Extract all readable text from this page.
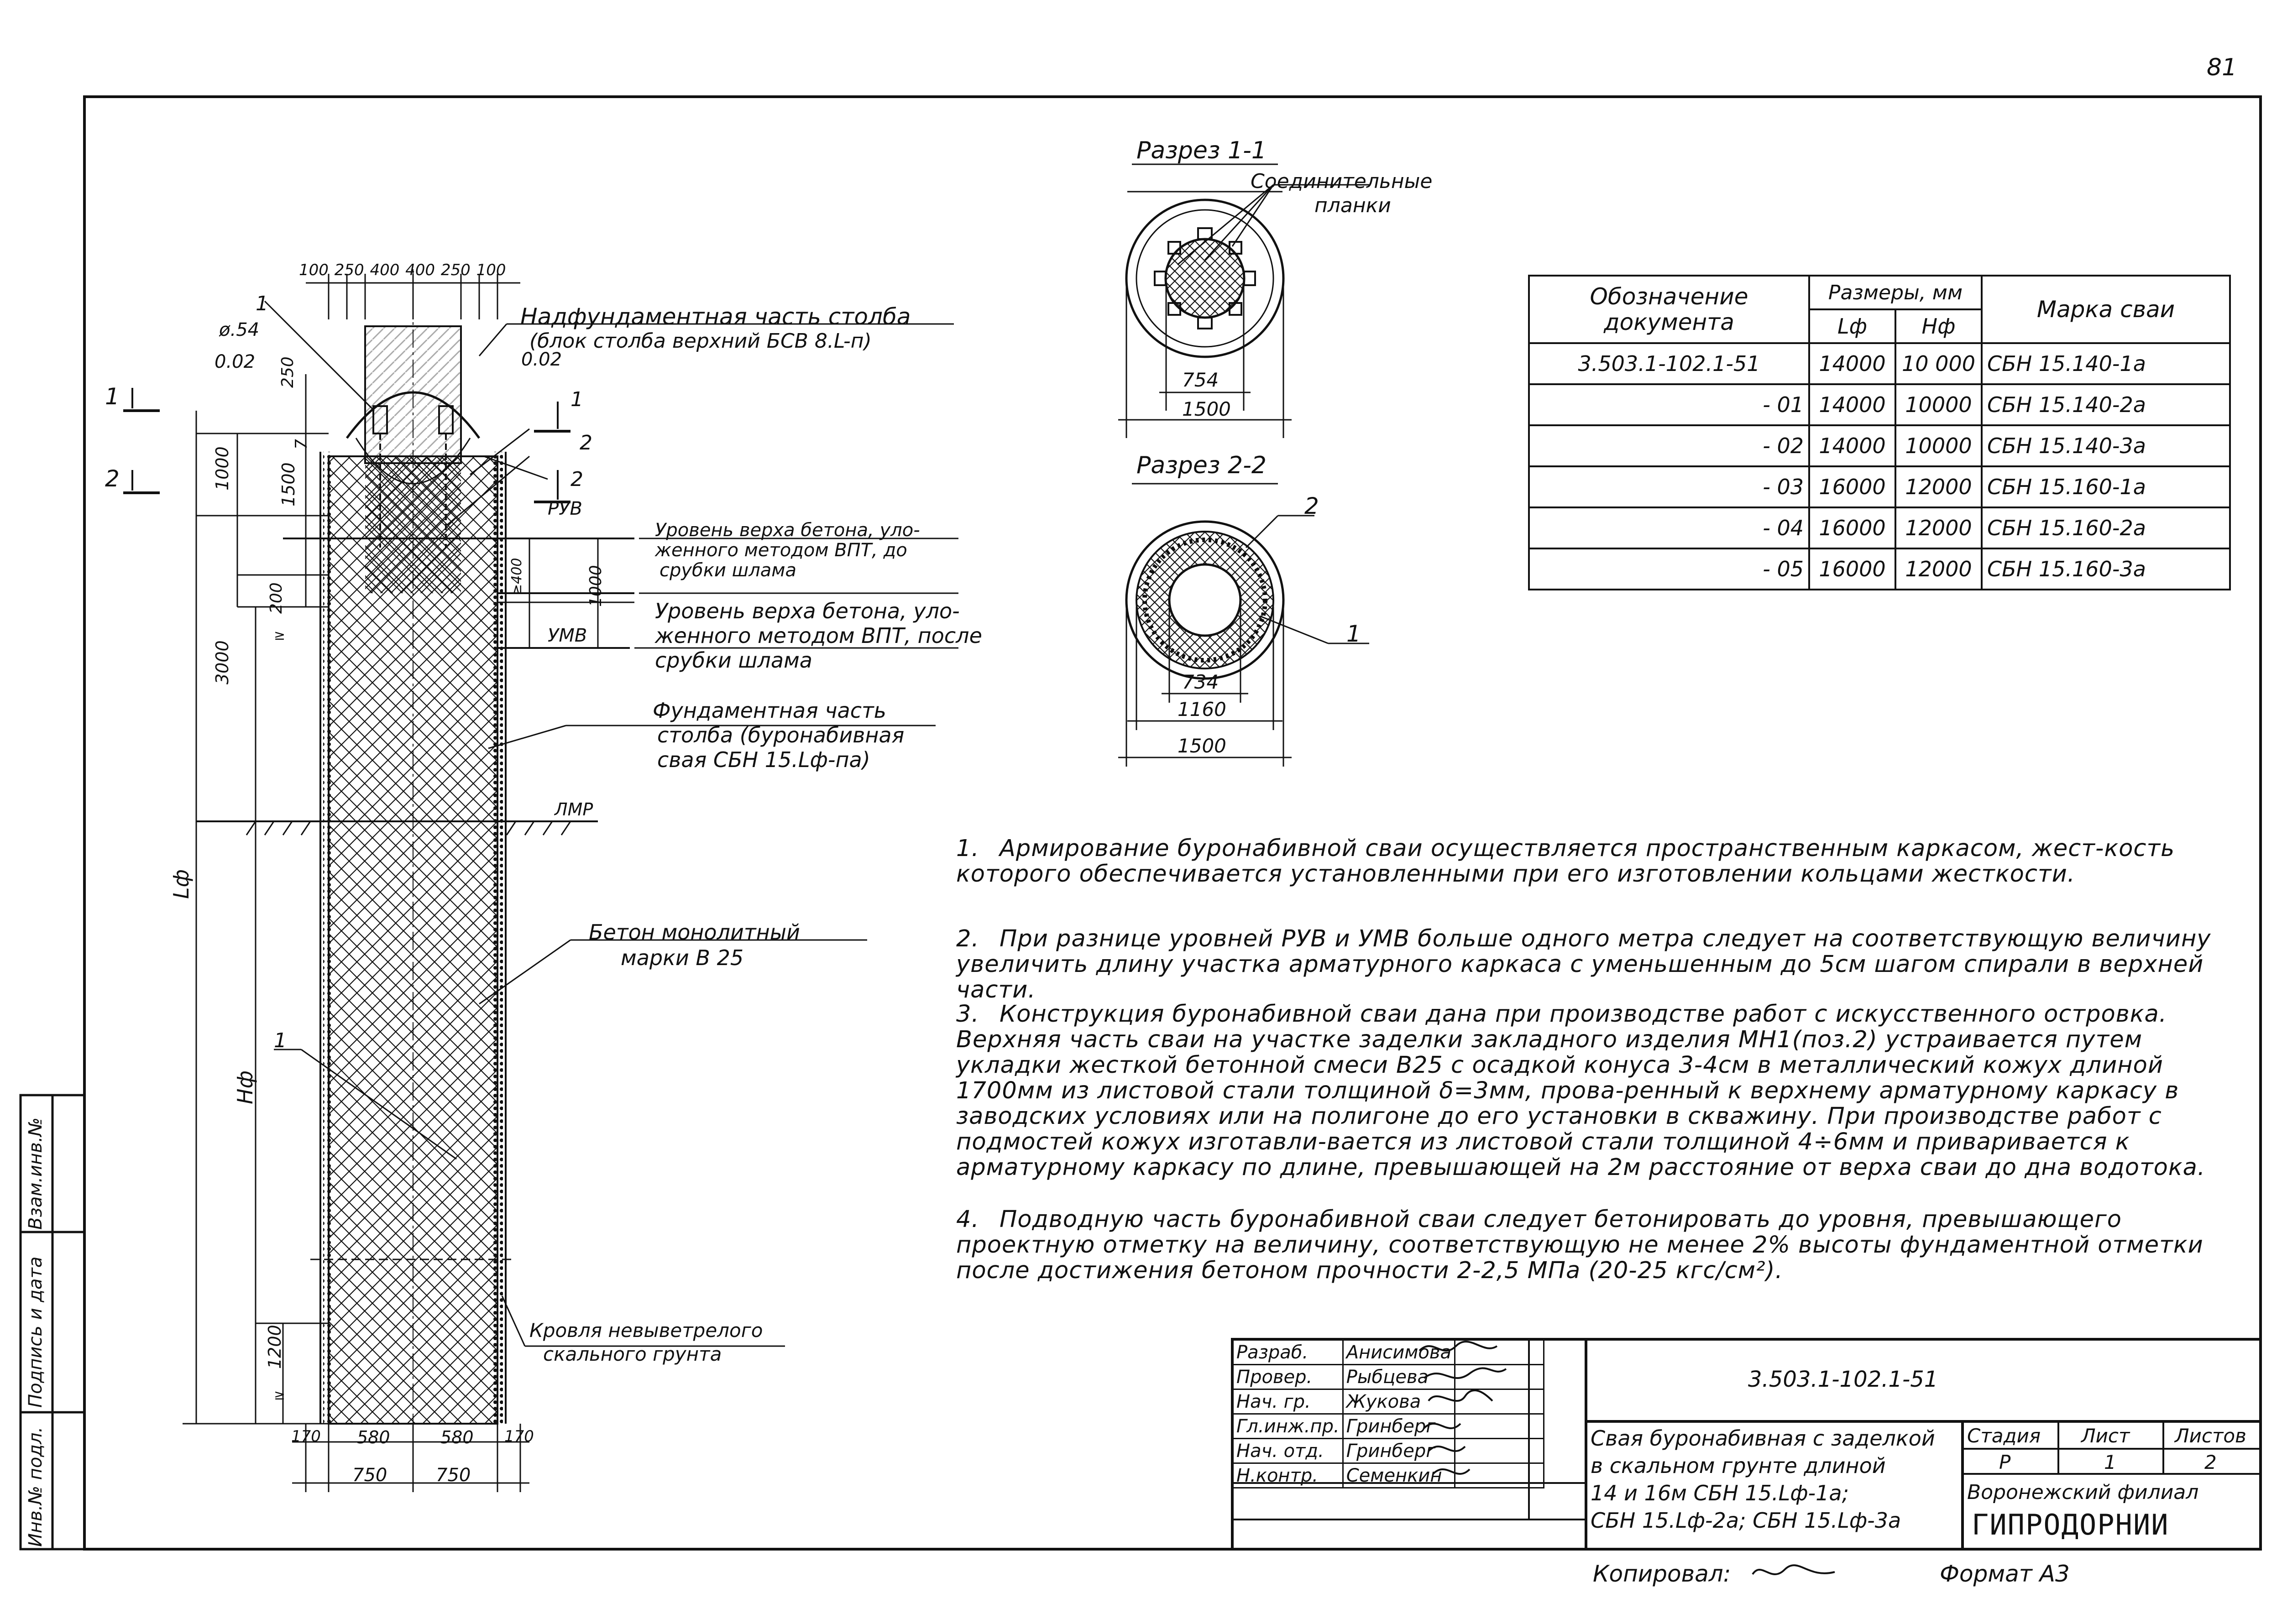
81
Разрез 1-1
Соединительные
планки
754
1500
Разрез 2-2
2
1
734
1160
1500
Обозначение
документа	Размеры, мм		Марка сваи
	Lф	Hф	
3.503.1-102.1-51	14000	10 000	СБН 15.140-1а
- 01	14000	10000	СБН 15.140-2а
- 02	14000	10000	СБН 15.140-3а
- 03	16000	12000	СБН 15.160-1а
- 04	16000	12000	СБН 15.160-2а
- 05	16000	12000	СБН 15.160-3а
100 250 400 400 250 100
1
ø.54
0.02	0.02
Надфундаментная часть столба
(блок столба верхний БСВ 8.L-п)
1
2
1
2
2
РУВ
УМВ
Уровень верха бетона, уло-
женного методом ВПТ, до
срубки шлама
Уровень верха бетона, уло-
женного методом ВПТ, после
срубки шлама
Фундаментная часть
столба (буронабивная
свая СБН 15.Lф-па)
ЛМР
Бетон монолитный
марки В 25
Кровля невыветрелого
скального грунта
1
250
1000
7
1500
≥400	1000
200
≥
3000
Lф
Hф
1200
≥
170 580	580 170
750	750
1. Армирование буронабивной сваи осуществляется пространственным каркасом, жест-кость которого обеспечивается установленными при его изготовлении кольцами жесткости.
2. При разнице уровней РУВ и УМВ больше одного метра следует на соответствующую величину увеличить длину участка арматурного каркаса с уменьшенным до 5см шагом спирали в верхней части.
3. Конструкция буронабивной сваи дана при производстве работ с искусственного островка. Верхняя часть сваи на участке заделки закладного изделия МН1(поз.2) устраивается путем укладки жесткой бетонной смеси В25 с осадкой конуса 3-4см в металлический кожух длиной 1700мм из листовой стали толщиной δ=3мм, прова-ренный к верхнему арматурному каркасу в заводских условиях или на полигоне до его установки в скважину. При производстве работ с подмостей кожух изготавли-вается из листовой стали толщиной 4÷6мм и приваривается к арматурному каркасу по длине, превышающей на 2м расстояние от верха сваи до дна водотока.
4. Подводную часть буронабивной сваи следует бетонировать до уровня, превышающего проектную отметку на величину, соответствующую не менее 2% высоты фундаментной отметки после достижения бетоном прочности 2-2,5 МПа (20-25 кгс/см²).
Разраб.	Анисимова	
Провер.	Рыбцева	
Нач. гр.	Жукова	
Гл.инж.пр.	Гринберг	
Нач. отд.	Гринберг	
Н.контр.	Семенкин	
3.503.1-102.1-51
Свая буронабивная с заделкой
в скальном грунте длиной
14 и 16м СБН 15.Lф-1а;
СБН 15.Lф-2а; СБН 15.Lф-3а
Стадия Лист Листов
Р	1	2
Воронежский филиал
ГИПРОДОРНИИ
Инв.№ подл.
Подпись и дата
Взам.инв.№
Копировал:	Формат А3
